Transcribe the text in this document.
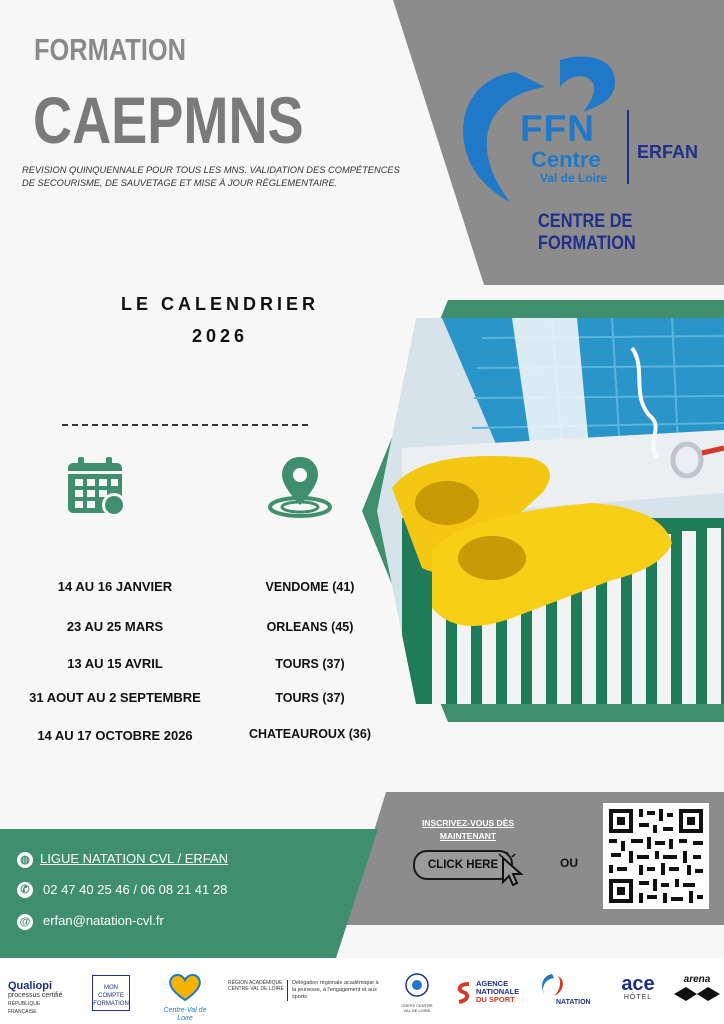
FORMATION
CAEPMNS
REVISION QUINQUENNALE POUR TOUS LES MNS. VALIDATION DES COMPÉTENCES DE SECOURISME, DE SAUVETAGE ET MISE À JOUR RÉGLEMENTAIRE.
FFN
Centre
Val de Loire
ERFAN
CENTRE DE FORMATION
LE CALENDRIER
2026
14 AU 16 JANVIER	VENDOME (41)
23 AU 25 MARS	ORLEANS (45)
13 AU 15 AVRIL	TOURS (37)
31 AOUT AU 2 SEPTEMBRE	TOURS (37)
14 AU 17 OCTOBRE 2026	CHATEAUROUX (36)
◍ LIGUE NATATION CVL / ERFAN
✆ 02 47 40 25 46 / 06 08 21 41 28
@ erfan@natation-cvl.fr
INSCRIVEZ-VOUS DÈS MAINTENANT
CLICK HERE	OU
Qualiopi
processus certifié
RÉPUBLIQUE FRANÇAISE
MON COMPTE FORMATION
Centre-Val de Loire
RÉGION ACADÉMIQUE CENTRE-VAL DE LOIRE
Délégation régionale académique à la jeunesse, à l'engagement et aux sports
CREPS CENTRE VAL DE LOIRE
AGENCE
NATIONALE
DU SPORT	NATATION
ace
HÔTEL
arena
